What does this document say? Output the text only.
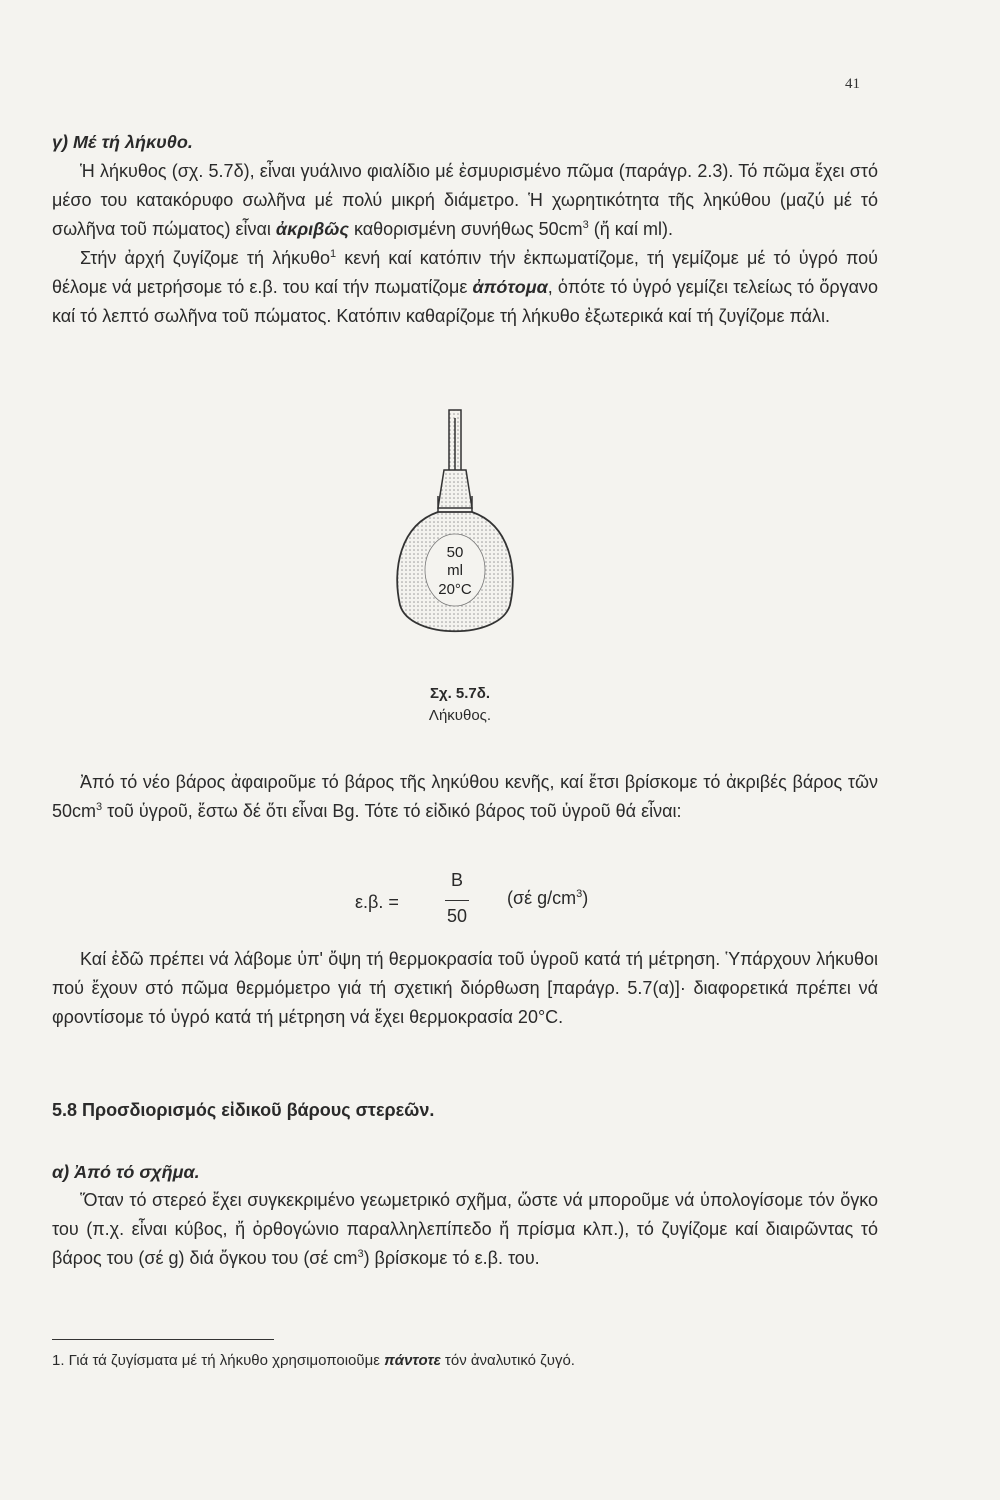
41

γ) Μέ τή λήκυθο.

Ἡ λήκυθος (σχ. 5.7δ), εἶναι γυάλινο φιαλίδιο μέ ἐσμυρισμένο πῶμα (παράγρ. 2.3). Τό πῶμα ἔχει στό μέσο του κατακόρυφο σωλῆνα μέ πολύ μικρή διάμετρο. Ἡ χωρητικότητα τῆς ληκύθου (μαζύ μέ τό σωλῆνα τοῦ πώματος) εἶναι ἀκριβῶς καθορισμένη συνήθως $50cm^3$ (ἤ καί ml).

Στήν ἀρχή ζυγίζομε τή λήκυθο$^1$ κενή καί κατόπιν τήν ἐκπωματίζομε, τή γεμίζομε μέ τό ὑγρό πού θέλομε νά μετρήσομε τό ε.β. του καί τήν πωματίζομε ἀπότομα, ὁπότε τό ὑγρό γεμίζει τελείως τό ὄργανο καί τό λεπτό σωλῆνα τοῦ πώματος. Κατόπιν καθαρίζομε τή λήκυθο ἐξωτερικά καί τή ζυγίζομε πάλι.

50
ml
20°C
Σχ. 5.7δ.
Λήκυθος.

Ἀπό τό νέο βάρος ἀφαιροῦμε τό βάρος τῆς ληκύθου κενῆς, καί ἔτσι βρίσκομε τό ἀκριβές βάρος τῶν $50cm^3$ τοῦ ὑγροῦ, ἔστω δέ ὅτι εἶναι Bg. Τότε τό εἰδικό βάρος τοῦ ὑγροῦ θά εἶναι:

ε.β. =
B
50
(σέ $g/cm^3$)

Καί ἐδῶ πρέπει νά λάβομε ὑπ' ὄψη τή θερμοκρασία τοῦ ὑγροῦ κατά τή μέτρηση. Ὑπάρχουν λήκυθοι πού ἔχουν στό πῶμα θερμόμετρο γιά τή σχετική διόρθωση [παράγρ. 5.7(α)]· διαφορετικά πρέπει νά φροντίσομε τό ὑγρό κατά τή μέτρηση νά ἔχει θερμοκρασία 20°C.

5.8 Προσδιορισμός εἰδικοῦ βάρους στερεῶν.
α) Ἀπό τό σχῆμα.

Ὅταν τό στερεό ἔχει συγκεκριμένο γεωμετρικό σχῆμα, ὥστε νά μποροῦμε νά ὑπολογίσομε τόν ὄγκο του (π.χ. εἶναι κύβος, ἤ ὀρθογώνιο παραλληλεπίπεδο ἤ πρίσμα κλπ.), τό ζυγίζομε καί διαιρῶντας τό βάρος του (σέ g) διά ὄγκου του (σέ $cm^3$) βρίσκομε τό ε.β. του.

1. Γιά τά ζυγίσματα μέ τή λήκυθο χρησιμοποιοῦμε πάντοτε τόν ἀναλυτικό ζυγό.
